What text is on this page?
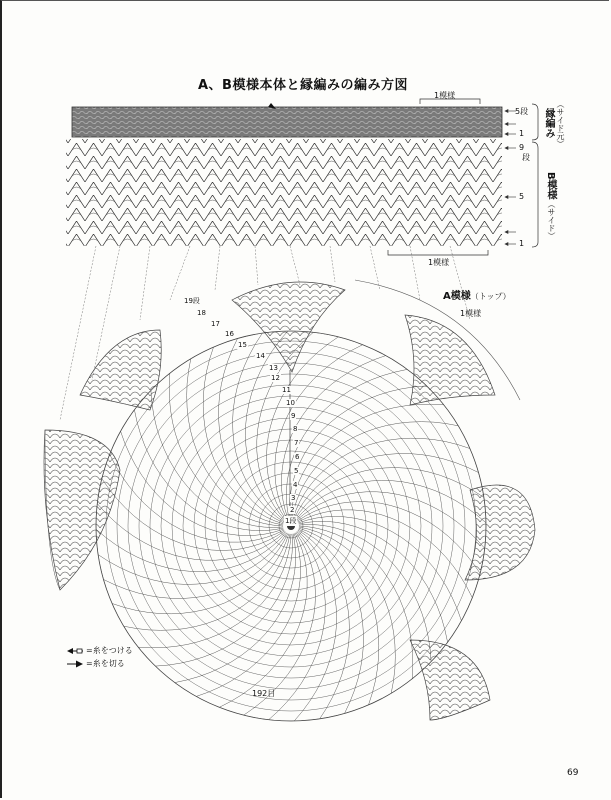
A、B模様本体と縁編みの編み方図
1模様
5段
1 縁編み （サイド元）
9
段
5
1
B模様
（サイド）
1模様
A模様（トップ）
1模様
19段
18
17
16
15
14
13
12
11
10
9
8
7
6
5
4
3
2
1段
192目
=糸をつける
=糸を切る
69
